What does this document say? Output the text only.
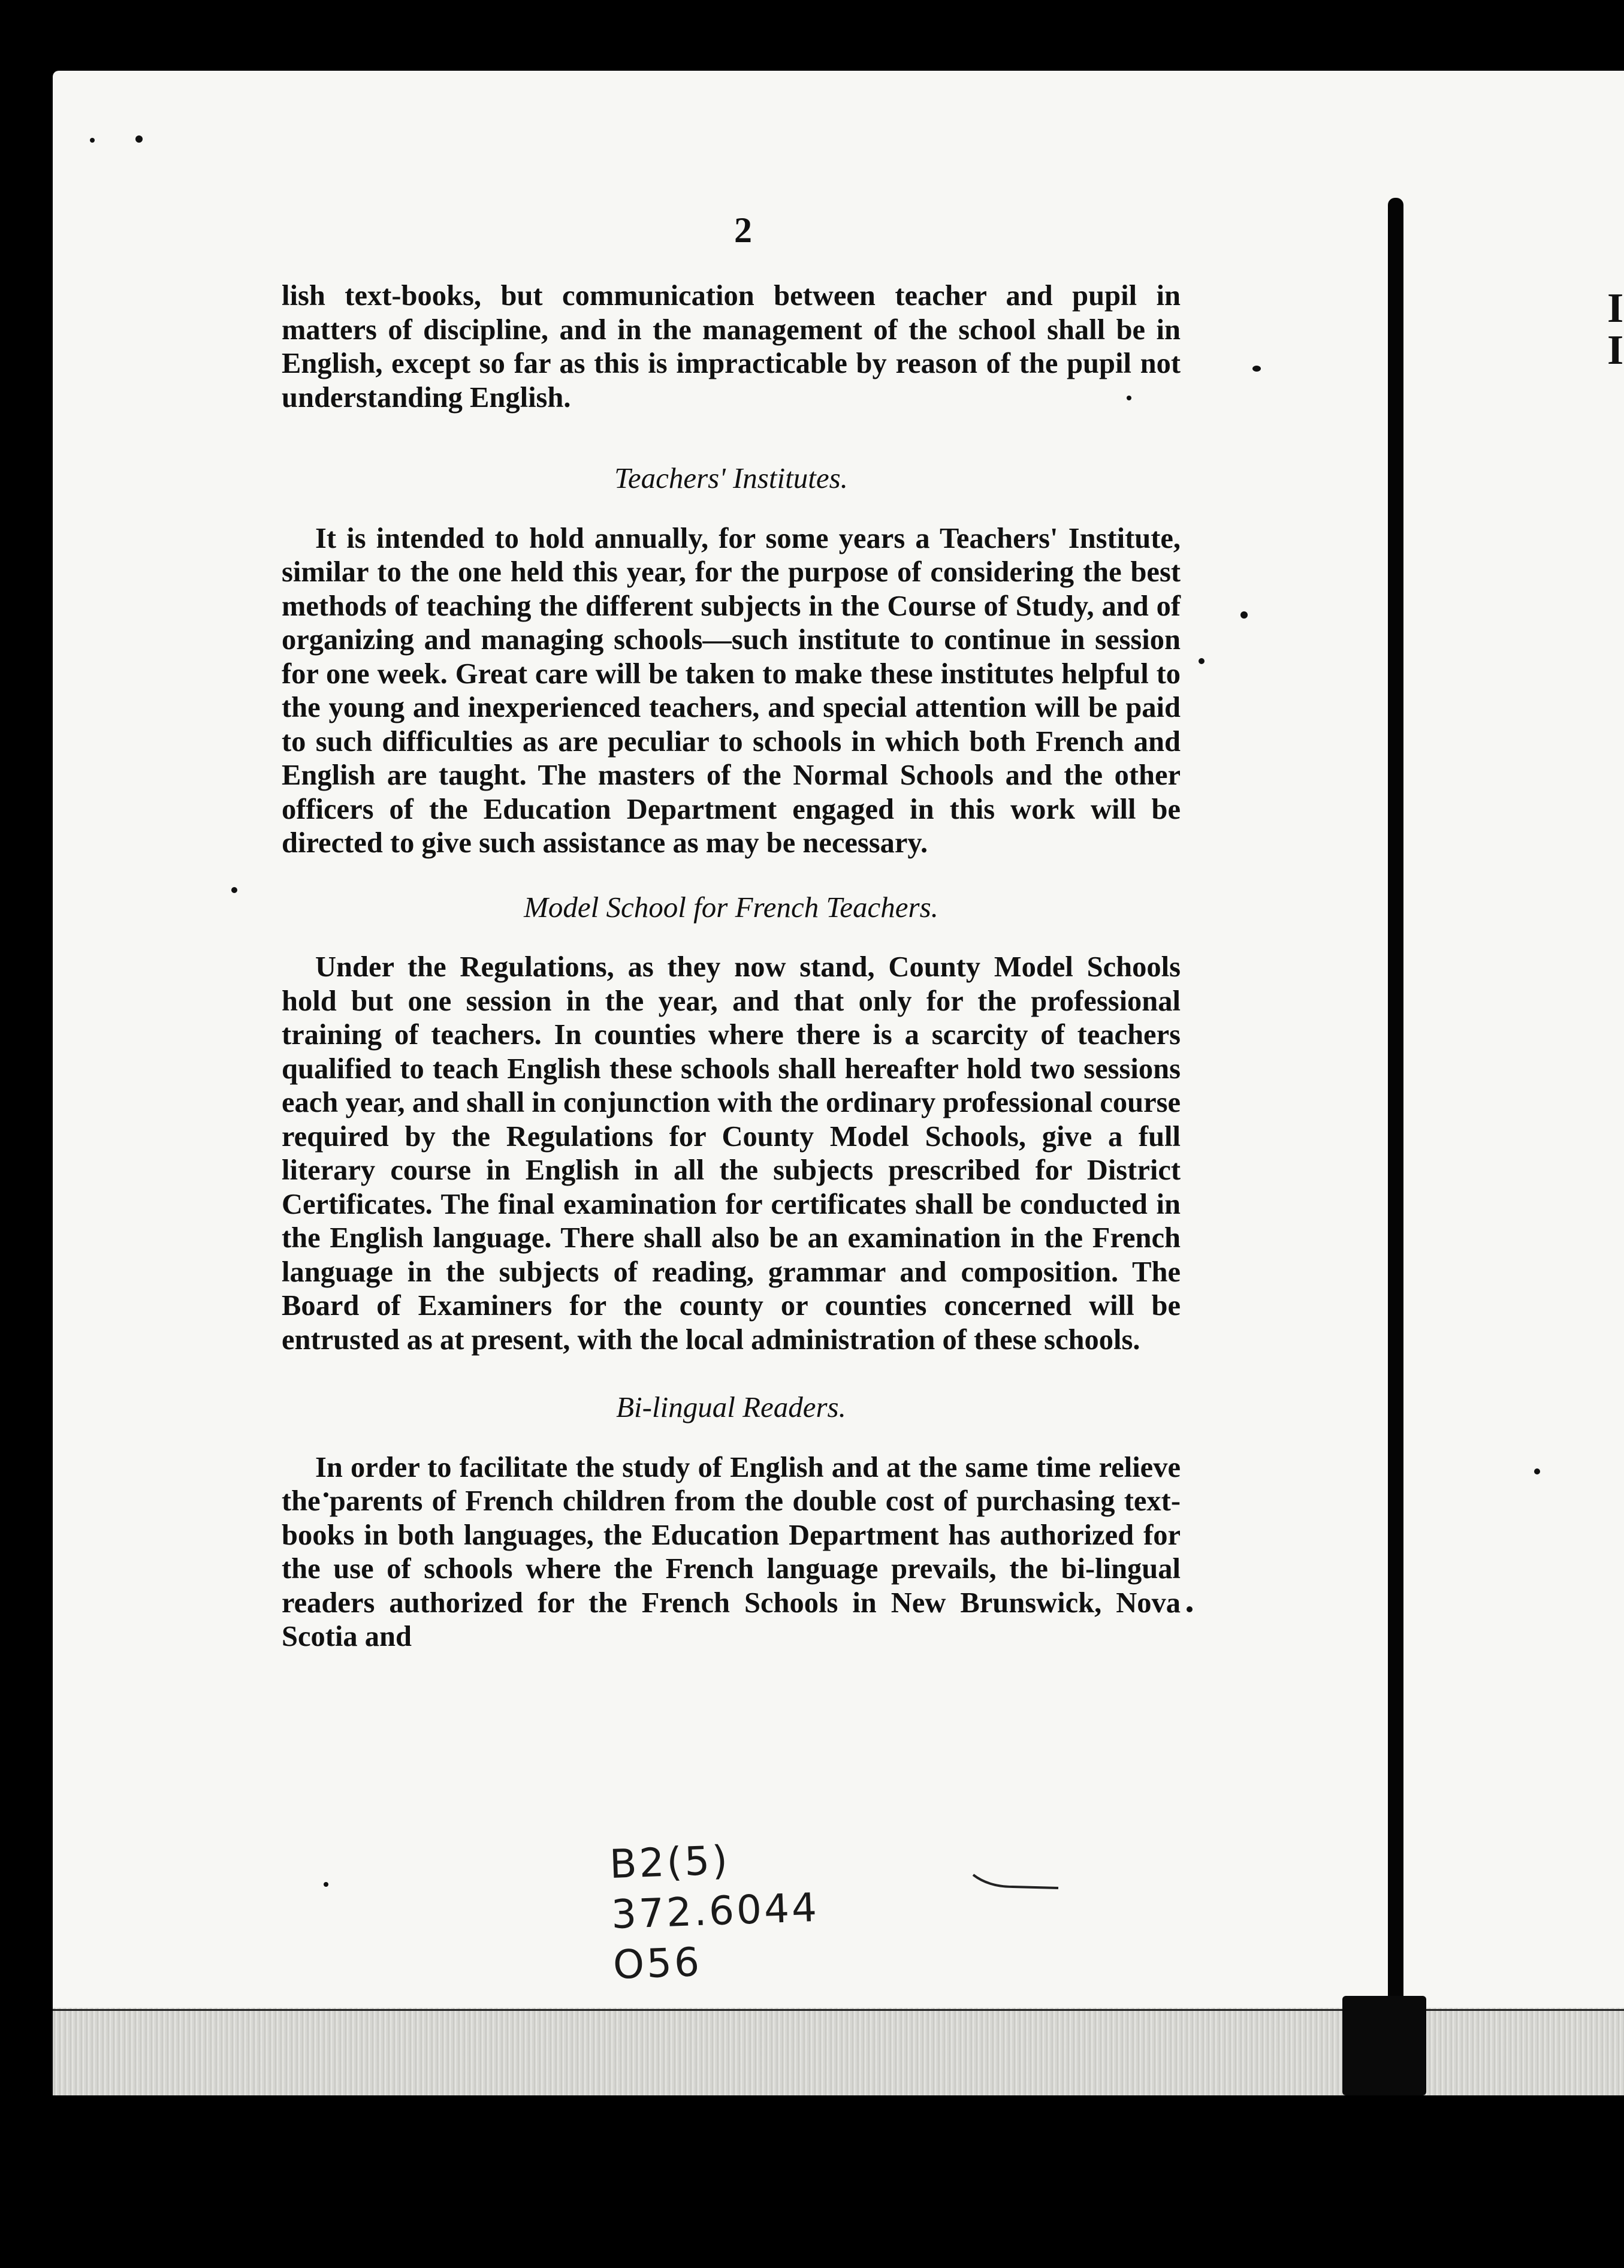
I
I
2

lish text-books, but communication between teacher and pupil in matters of discipline, and in the management of the school shall be in English, except so far as this is impracticable by reason of the pupil not understanding English.

Teachers' Institutes.

It is intended to hold annually, for some years a Teachers' Institute, similar to the one held this year, for the purpose of considering the best methods of teaching the different subjects in the Course of Study, and of organizing and managing schools—such institute to continue in session for one week. Great care will be taken to make these institutes helpful to the young and inexperienced teachers, and special attention will be paid to such difficulties as are peculiar to schools in which both French and English are taught. The masters of the Normal Schools and the other officers of the Education Department engaged in this work will be directed to give such assistance as may be necessary.

Model School for French Teachers.

Under the Regulations, as they now stand, County Model Schools hold but one session in the year, and that only for the professional training of teachers. In counties where there is a scarcity of teachers qualified to teach English these schools shall hereafter hold two sessions each year, and shall in conjunction with the ordinary professional course required by the Regulations for County Model Schools, give a full literary course in English in all the subjects prescribed for District Certificates. The final examination for certificates shall be conducted in the English language. There shall also be an examination in the French language in the subjects of reading, grammar and composition. The Board of Examiners for the county or counties concerned will be entrusted as at present, with the local administration of these schools.

Bi-lingual Readers.

In order to facilitate the study of English and at the same time relieve the parents of French children from the double cost of purchasing text-books in both languages, the Education Department has authorized for the use of schools where the French language prevails, the bi-lingual readers authorized for the French Schools in New Brunswick, Nova Scotia and

B2(5)

372.6044

O56
